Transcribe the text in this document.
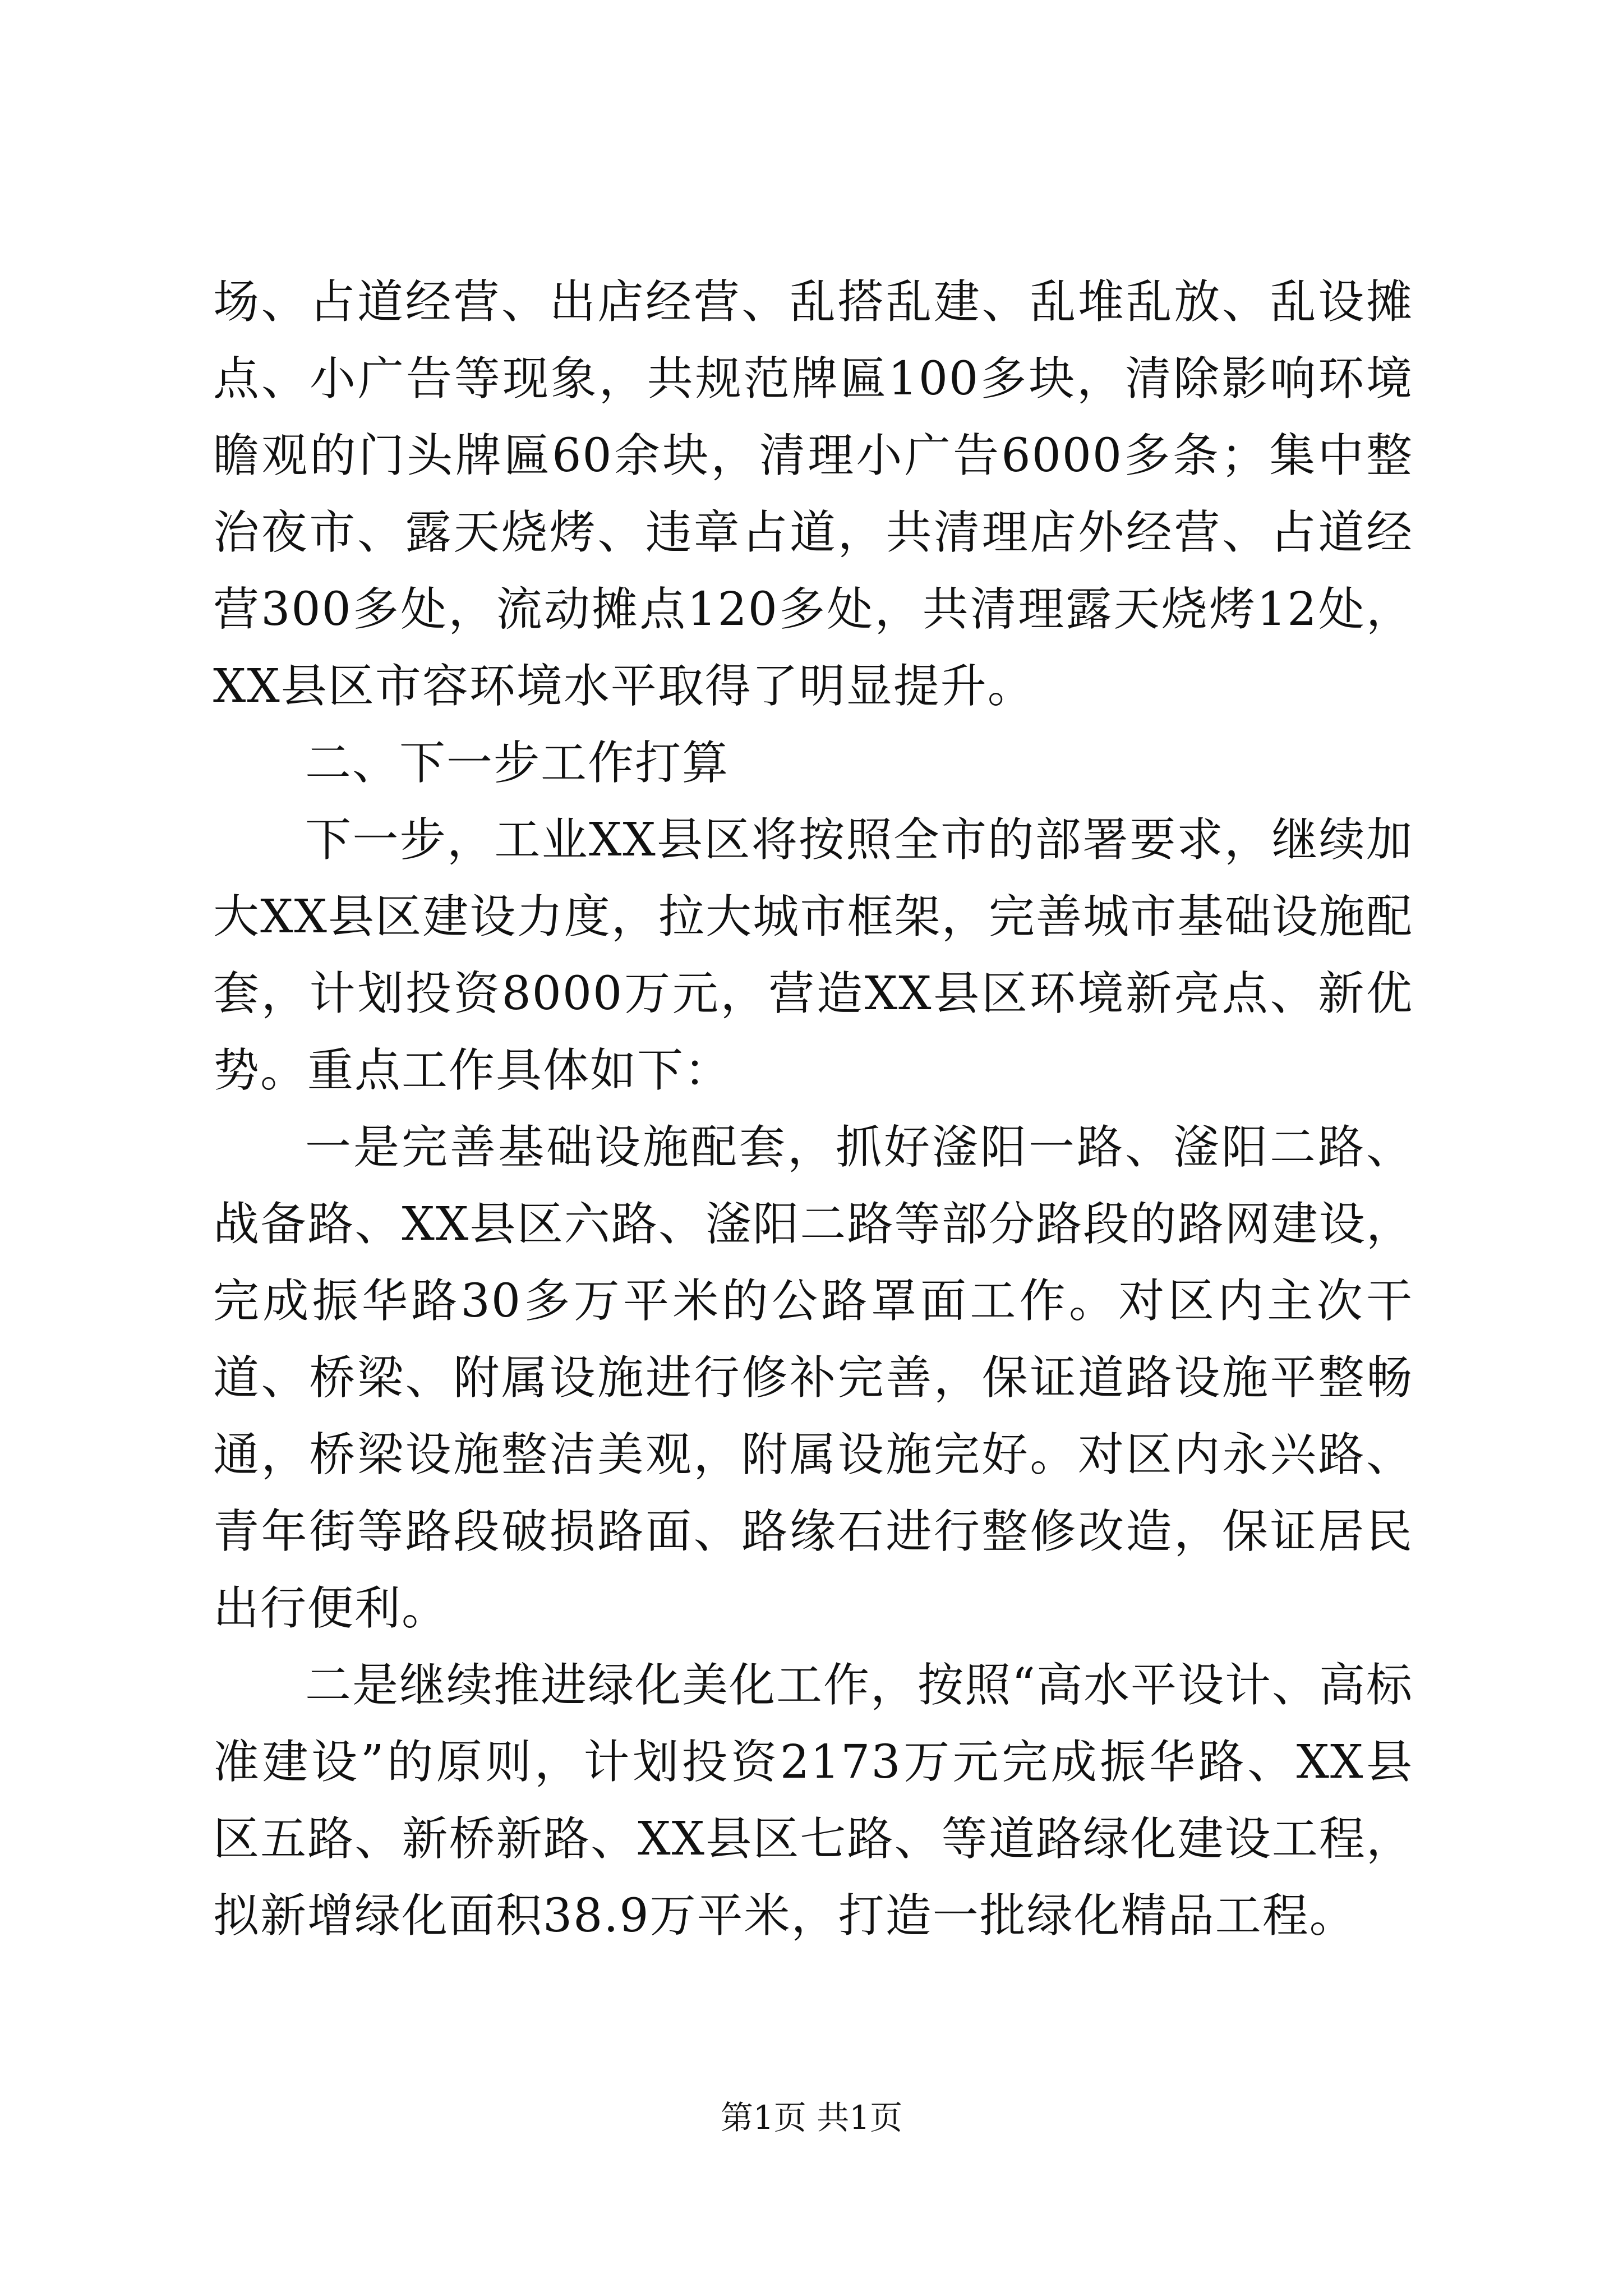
场、占道经营、出店经营、乱搭乱建、乱堆乱放、乱设摊点、小广告等现象，共规范牌匾100多块，清除影响环境瞻观的门头牌匾60余块，清理小广告6000多条；集中整治夜市、露天烧烤、违章占道，共清理店外经营、占道经营300多处，流动摊点120多处，共清理露天烧烤12处，XX县区市容环境水平取得了明显提升。

二、下一步工作打算

下一步，工业XX县区将按照全市的部署要求，继续加大XX县区建设力度，拉大城市框架，完善城市基础设施配套，计划投资8000万元，营造XX县区环境新亮点、新优势。重点工作具体如下：

一是完善基础设施配套，抓好滏阳一路、滏阳二路、战备路、XX县区六路、滏阳二路等部分路段的路网建设，完成振华路30多万平米的公路罩面工作。对区内主次干道、桥梁、附属设施进行修补完善，保证道路设施平整畅通，桥梁设施整洁美观，附属设施完好。对区内永兴路、青年街等路段破损路面、路缘石进行整修改造，保证居民出行便利。

二是继续推进绿化美化工作，按照“高水平设计、高标准建设”的原则，计划投资2173万元完成振华路、XX县区五路、新桥新路、XX县区七路、等道路绿化建设工程，拟新增绿化面积38.9万平米，打造一批绿化精品工程。

第1页 共1页
